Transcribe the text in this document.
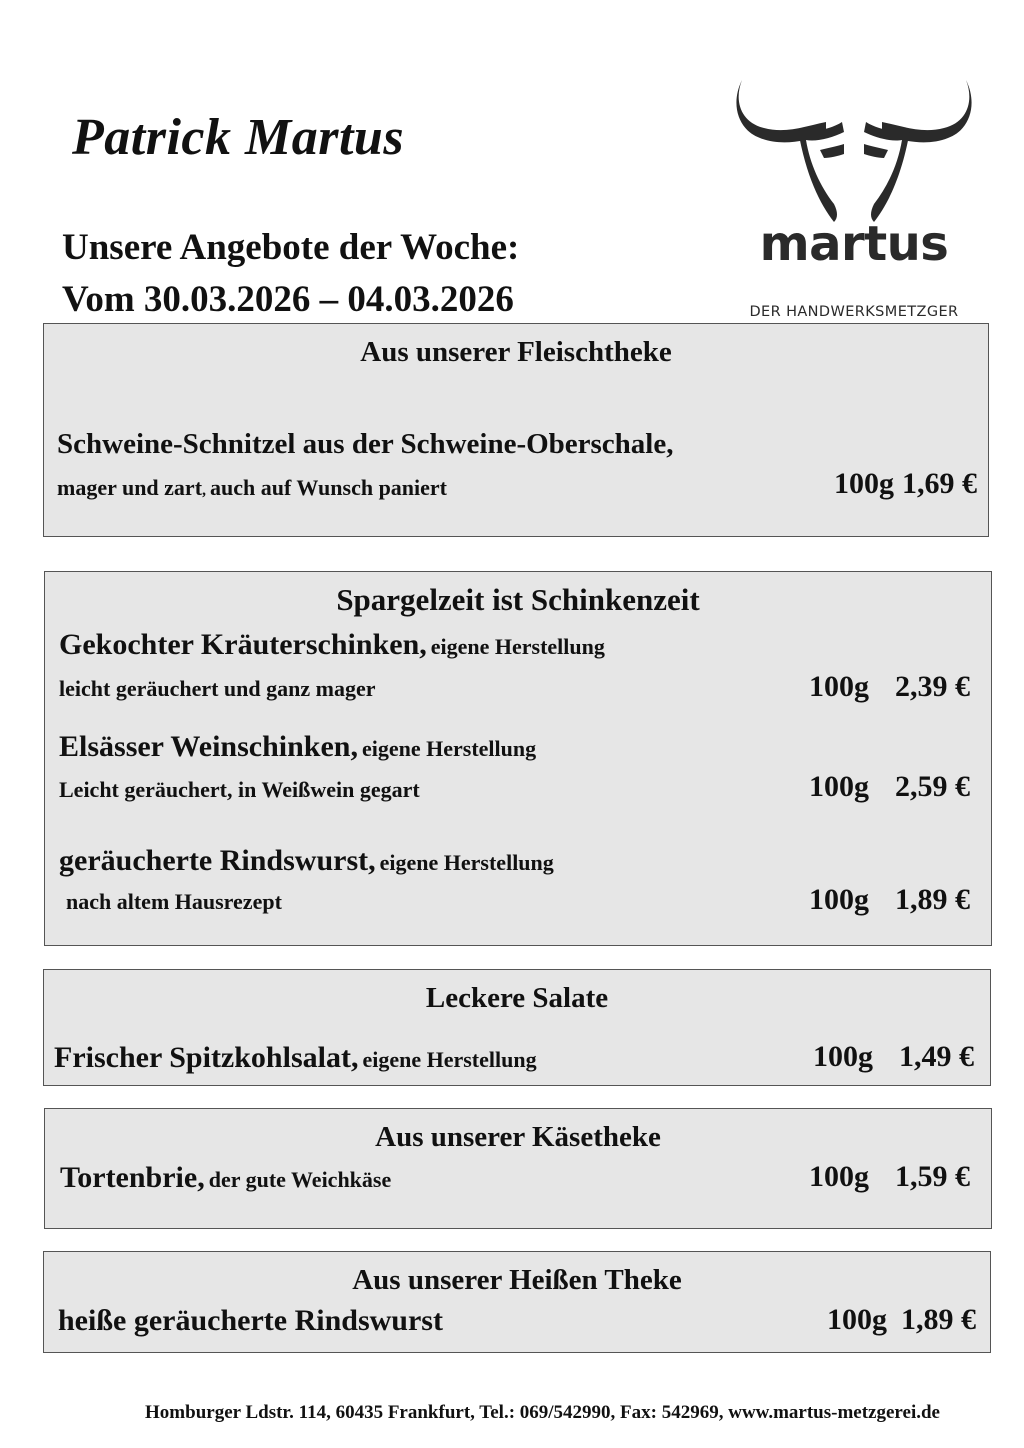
Patrick Martus
Unsere Angebote der Woche:
Vom 30.03.2026 – 04.03.2026
martus
DER HANDWERKSMETZGER

Aus unserer Fleischtheke

Schweine-Schnitzel aus der Schweine-Oberschale,
mager und zart, auch auf Wunsch paniert	100g 1,69 €

Spargelzeit ist Schinkenzeit

Gekochter Kräuterschinken, eigene Herstellung
leicht geräuchert und ganz mager	100g 2,39 €
Elsässer Weinschinken, eigene Herstellung
Leicht geräuchert, in Weißwein gegart	100g 2,59 €
geräucherte Rindswurst, eigene Herstellung
nach altem Hausrezept	100g 1,89 €

Leckere Salate

Frischer Spitzkohlsalat, eigene Herstellung	100g 1,49 €

Aus unserer Käsetheke

Tortenbrie, der gute Weichkäse	100g 1,59 €

Aus unserer Heißen Theke

heiße geräucherte Rindswurst	100g 1,89 €
Homburger Ldstr. 114, 60435 Frankfurt, Tel.: 069/542990, Fax: 542969, www.martus-metzgerei.de
